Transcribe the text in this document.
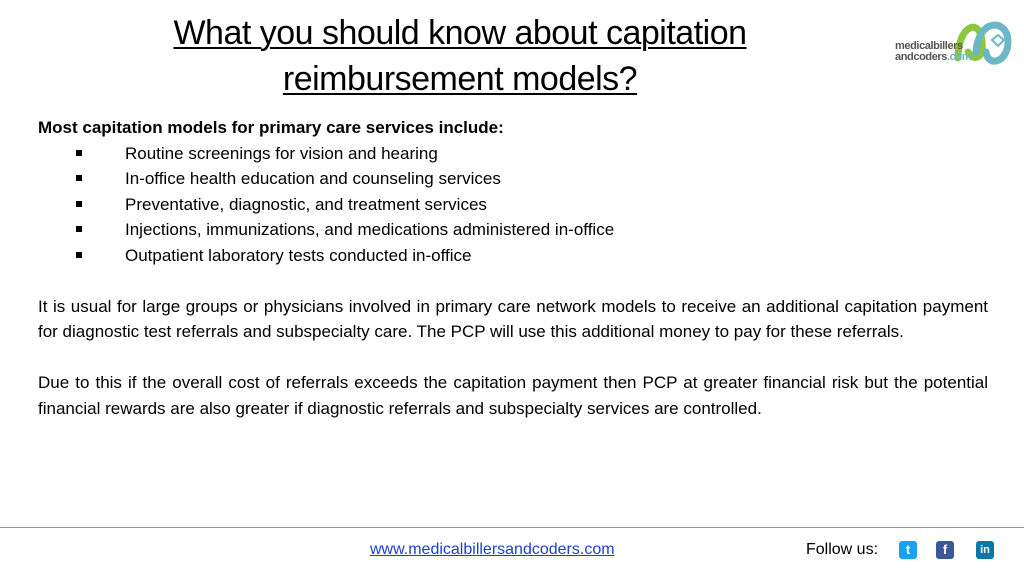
What you should know about capitation
reimbursement models?
medicalbillers
andcoders.com

Most capitation models for primary care services include:

Routine screenings for vision and hearing
In-office health education and counseling services
Preventative, diagnostic, and treatment services
Injections, immunizations, and medications administered in-office
Outpatient laboratory tests conducted in-office

It is usual for large groups or physicians involved in primary care network models to receive an additional capitation payment for diagnostic test referrals and subspecialty care. The PCP will use this additional money to pay for these referrals.

Due to this if the overall cost of referrals exceeds the capitation payment then PCP at greater financial risk but the potential financial rewards are also greater if diagnostic referrals and subspecialty services are controlled.

www.medicalbillersandcoders.com	Follow us:	t	f	in
